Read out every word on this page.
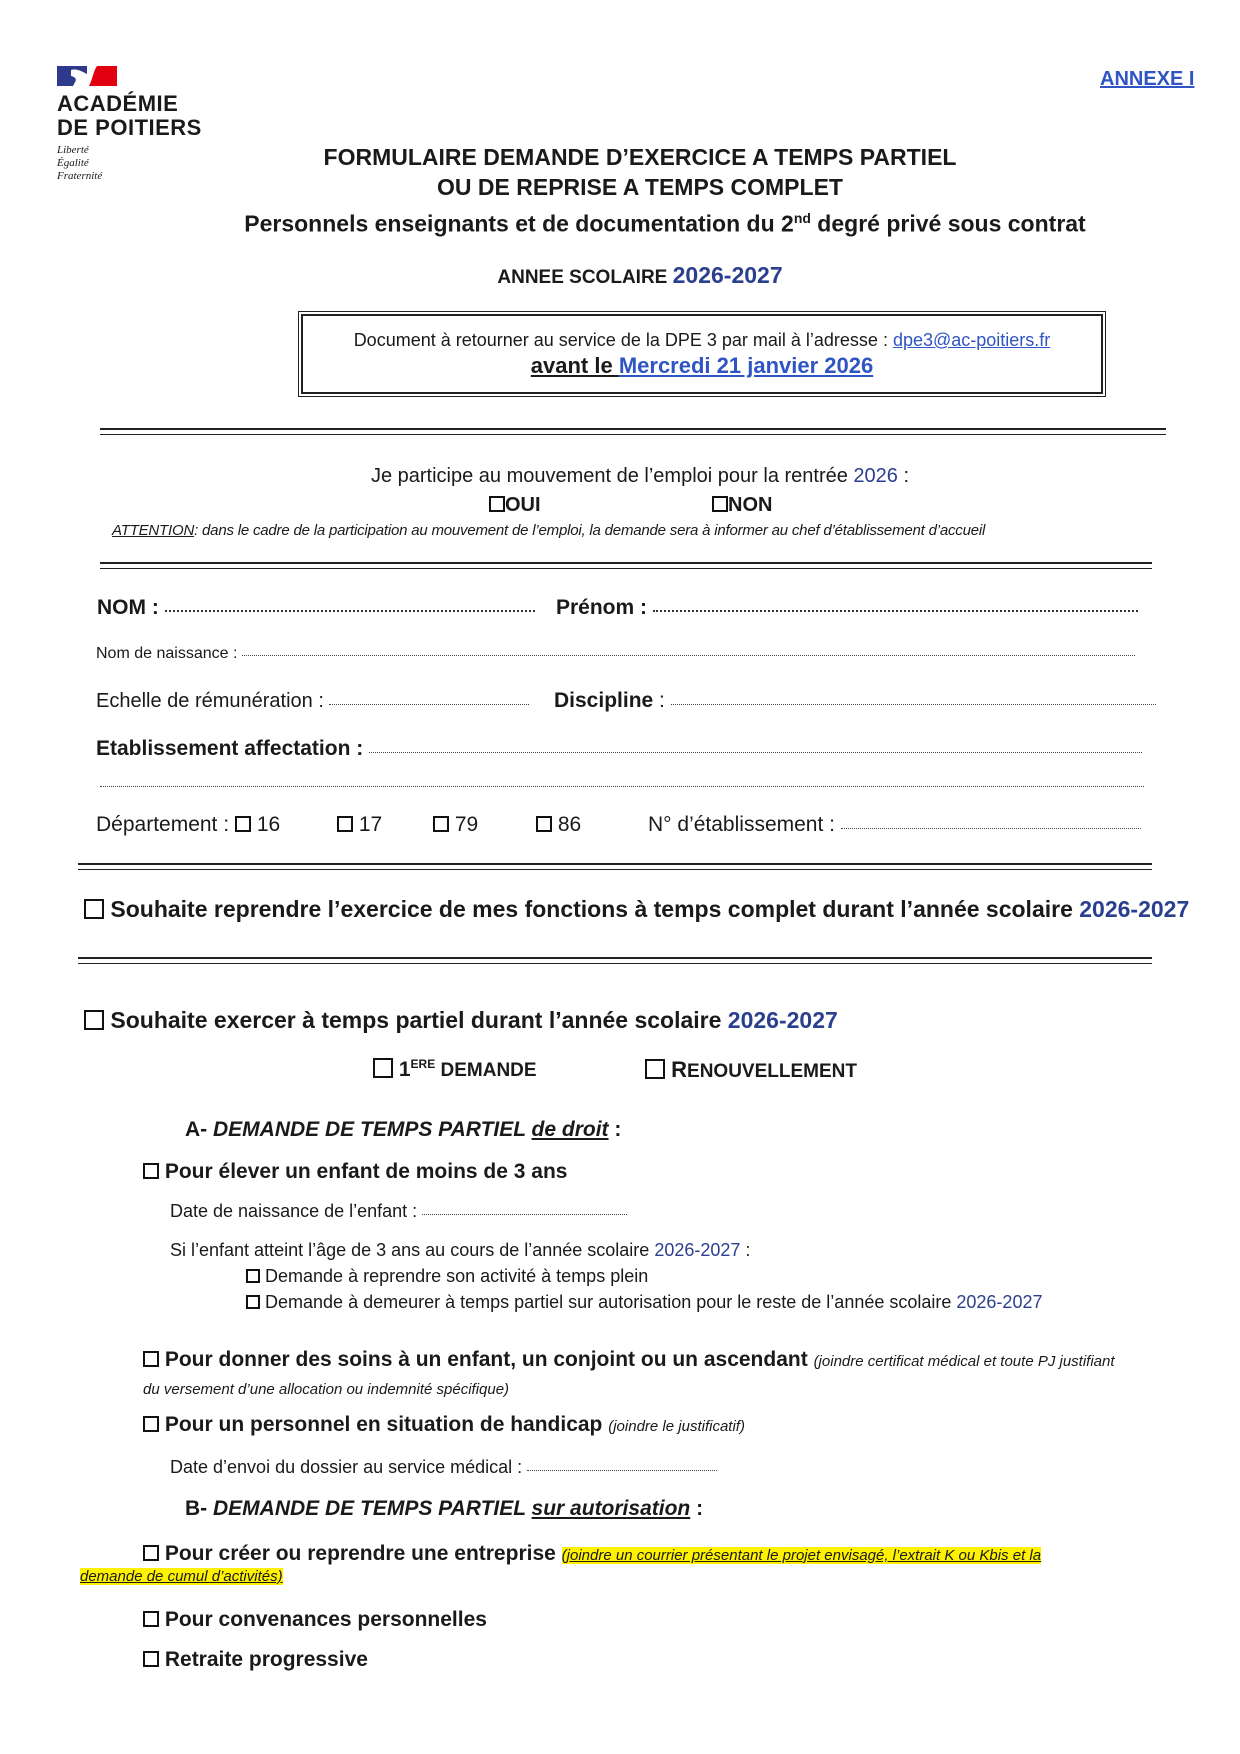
ACADÉMIE
DE POITIERS
Liberté
Égalité
Fraternité
ANNEXE I
FORMULAIRE DEMANDE D’EXERCICE A TEMPS PARTIEL
OU DE REPRISE A TEMPS COMPLET
Personnels enseignants et de documentation du 2nd degré privé sous contrat
ANNEE SCOLAIRE 2026-2027
Document à retourner au service de la DPE 3 par mail à l’adresse : dpe3@ac-poitiers.fr
avant le Mercredi 21 janvier 2026
Je participe au mouvement de l’emploi pour la rentrée 2026 :
OUI	NON
ATTENTION: dans le cadre de la participation au mouvement de l’emploi, la demande sera à informer au chef d’établissement d’accueil
NOM :	Prénom :
Nom de naissance :
Echelle de rémunération :	Discipline :
Etablissement affectation :
Département :	16	17	79	86	N° d’établissement :
Souhaite reprendre l’exercice de mes fonctions à temps complet durant l’année scolaire 2026-2027
Souhaite exercer à temps partiel durant l’année scolaire 2026-2027
1ERE DEMANDE	RENOUVELLEMENT
A- DEMANDE DE TEMPS PARTIEL de droit :
Pour élever un enfant de moins de 3 ans
Date de naissance de l’enfant :
Si l’enfant atteint l’âge de 3 ans au cours de l’année scolaire 2026-2027 :
Demande à reprendre son activité à temps plein
Demande à demeurer à temps partiel sur autorisation pour le reste de l’année scolaire 2026-2027
Pour donner des soins à un enfant, un conjoint ou un ascendant (joindre certificat médical et toute PJ justifiant
du versement d’une allocation ou indemnité spécifique)
Pour un personnel en situation de handicap (joindre le justificatif)
Date d’envoi du dossier au service médical :
B- DEMANDE DE TEMPS PARTIEL sur autorisation :
Pour créer ou reprendre une entreprise (joindre un courrier présentant le projet envisagé, l’extrait K ou Kbis et la
demande de cumul d’activités)
Pour convenances personnelles
Retraite progressive
